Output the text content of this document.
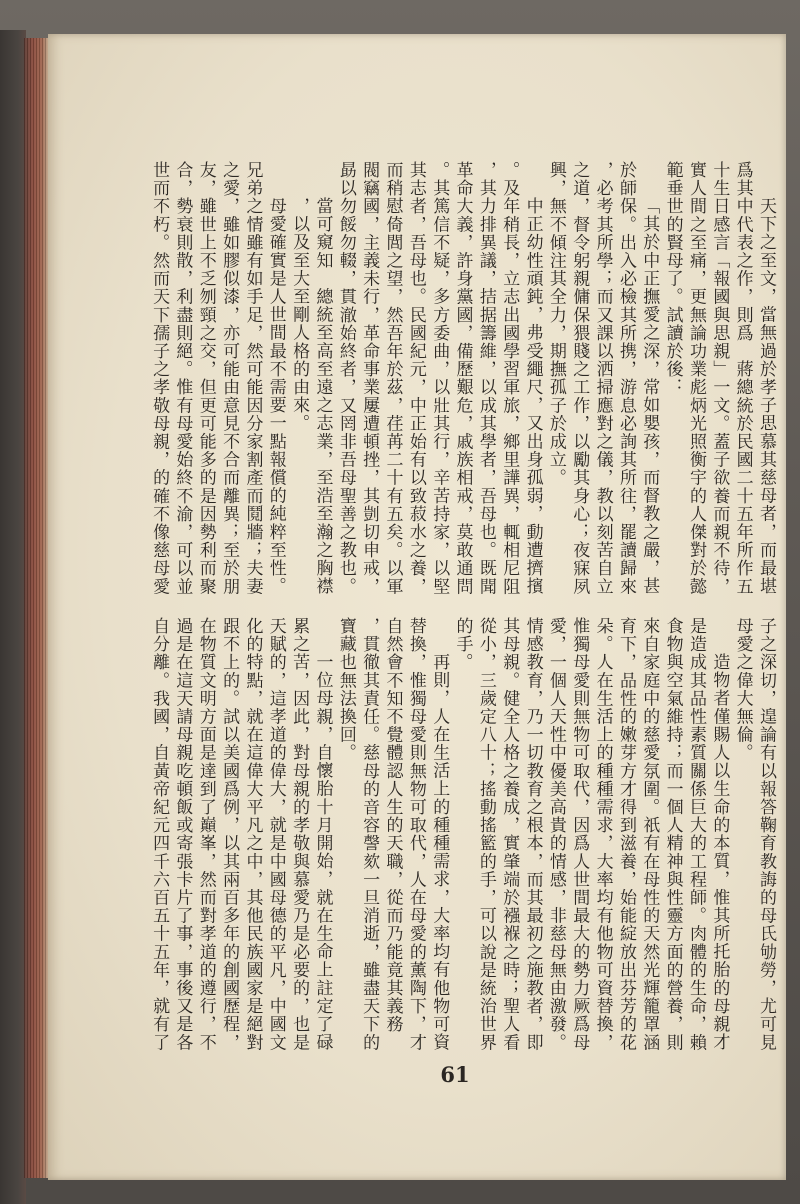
天下之至文，當無過於孝子思慕其慈母者，而最堪
爲其中代表之作，則爲　蔣總統於民國二十五年所作五
十生日感言「報國與思親」一文。蓋子欲養而親不待，
實人間之至痛，更無論功業彪炳光照衡宇的人傑對於懿
範垂世的賢母了。試讀於後：
「其於中正撫愛之深，常如嬰孩，而督教之嚴，甚
於師保。出入必檢其所携，游息必詢其所往，罷讀歸來
，必考其所學；而又課以洒掃應對之儀，教以刻苦自立
之道，督令躬親傭保猥賤之工作，以勵其身心；夜寐夙
興，無不傾注其全力，期撫孤子於成立。
中正幼性頑鈍，弗受繩尺，又出身孤弱，動遭擠擯
。及年稍長，立志出國學習軍旅，鄉里譁異，輒相尼阻
，其力排異議，拮据籌維，以成其學者，吾母也。既聞
革命大義，許身黨國，備歷艱危，戚族相戒，莫敢通問
。其篤信不疑，多方委曲，以壯其行，辛苦持家，以堅
其志者，吾母也。民國紀元，中正始有以致菽水之養，
而稍慰倚閭之望，然吾年於茲，荏苒二十有五矣。以軍
閥竊國，主義未行，革命事業屢遭頓挫，其剴切申戒，
勗以勿餒勿輟，貫澈始終者，又罔非吾母聖善之教也。
當可窺知　總統至高至遠之志業，至浩至瀚之胸襟
，以及至大至剛人格的由來。
母愛確實是人世間最不需要一點報償的純粹至性。
兄弟之情雖有如手足，然可能因分家割產而鬩牆；夫妻
之愛，雖如膠似漆，亦可能由意見不合而離異；至於朋
友，雖世上不乏刎頸之交，但更可能多的是因勢利而聚
合，勢衰則散，利盡則絕。惟有母愛始終不渝，可以並
世而不朽。然而天下孺子之孝敬母親，的確不像慈母愛
子之深切，遑論有以報答鞠育教誨的母氏劬勞，尤可見
母愛之偉大無倫。
造物者僅賜人以生命的本質，惟其所托胎的母親才
是造成其品性素質關係巨大的工程師。肉體的生命，賴
食物與空氣維持；而一個人精神與性靈方面的營養，則
來自家庭中的慈愛氛圍。祇有在母性的天然光輝籠罩涵
育下，品性的嫩芽方才得到滋養，始能綻放出芬芳的花
朵。人在生活上的種種需求，大率均有他物可資替換，
惟獨母愛則無物可取代，因爲人世間最大的勢力厥爲母
愛，一個人天性中優美高貴的情感，非慈母無由激發。
情感教育，乃一切教育之根本，而其最初之施教者，即
其母親。健全人格之養成，實肇端於襁褓之時；聖人看
從小，三歲定八十；搖動搖籃的手，可以說是統治世界
的手。
再則，人在生活上的種種需求，大率均有他物可資
替換，惟獨母愛則無物可取代，人在母愛的薰陶下，才
自然會不知不覺體認人生的天職，從而乃能竟其義務
，貫徹其責任。慈母的音容謦欬一旦消逝，雖盡天下的
寶藏也無法換回。
一位母親，自懷胎十月開始，就在生命上註定了碌
累之苦，因此，對母親的孝敬與慕愛乃是必要的，也是
天賦的，這孝道的偉大，就是中國母德的平凡，中國文
化的特點，就在這偉大平凡之中，其他民族國家是絕對
跟不上的。試以美國爲例，以其兩百多年的創國歷程，
在物質文明方面是達到了巔峯，然而對孝道的遵行，不
過是在這天請母親吃頓飯或寄張卡片了事，事後又是各
自分離。我國，自黃帝紀元四千六百五十五年，就有了
61
